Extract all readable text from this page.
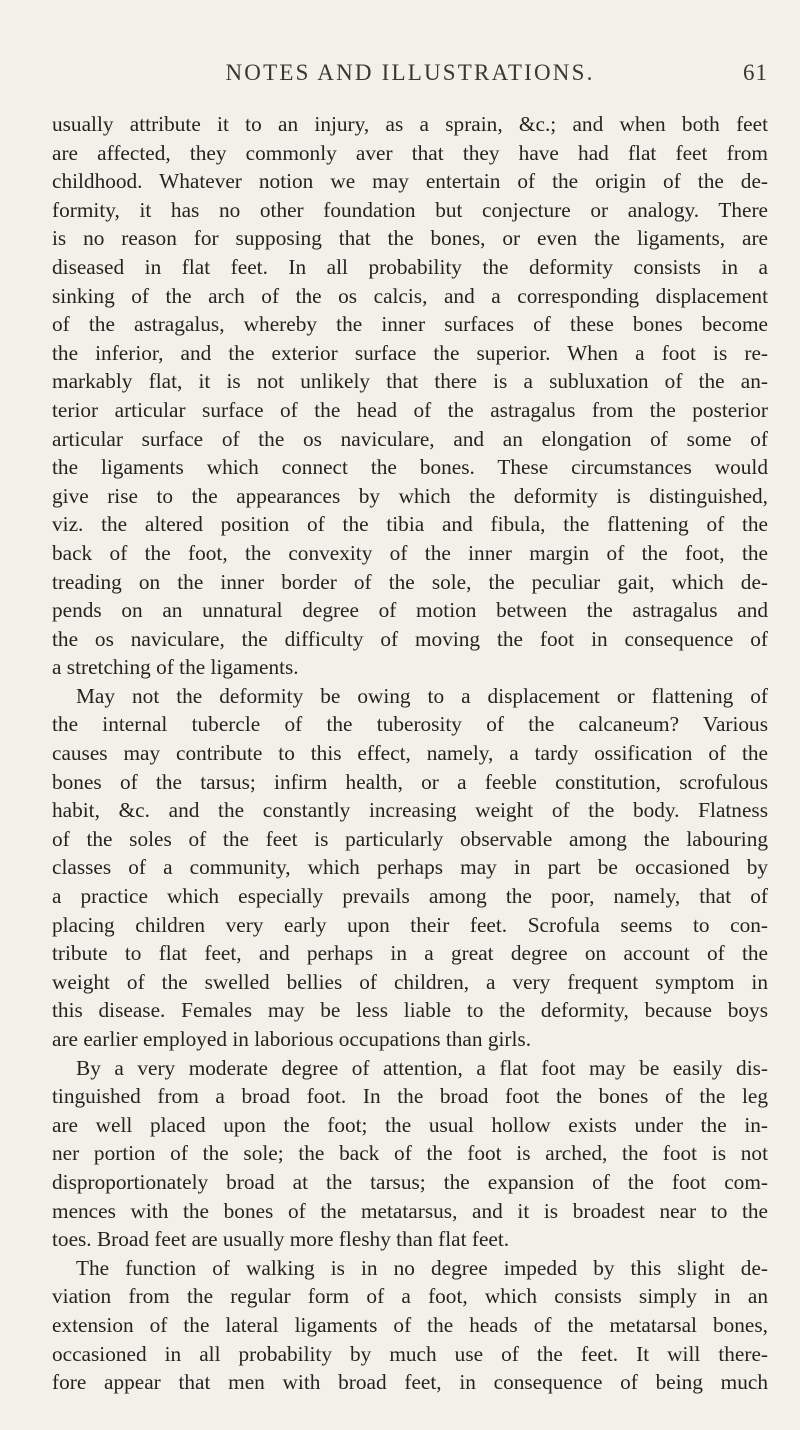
NOTES AND ILLUSTRATIONS.	61
usually attribute it to an injury, as a sprain, &c.; and when both feet
are affected, they commonly aver that they have had flat feet from
childhood. Whatever notion we may entertain of the origin of the de-
formity, it has no other foundation but conjecture or analogy. There
is no reason for supposing that the bones, or even the ligaments, are
diseased in flat feet. In all probability the deformity consists in a
sinking of the arch of the os calcis, and a corresponding displacement
of the astragalus, whereby the inner surfaces of these bones become
the inferior, and the exterior surface the superior. When a foot is re-
markably flat, it is not unlikely that there is a subluxation of the an-
terior articular surface of the head of the astragalus from the posterior
articular surface of the os naviculare, and an elongation of some of
the ligaments which connect the bones. These circumstances would
give rise to the appearances by which the deformity is distinguished,
viz. the altered position of the tibia and fibula, the flattening of the
back of the foot, the convexity of the inner margin of the foot, the
treading on the inner border of the sole, the peculiar gait, which de-
pends on an unnatural degree of motion between the astragalus and
the os naviculare, the difficulty of moving the foot in consequence of
a stretching of the ligaments.
May not the deformity be owing to a displacement or flattening of
the internal tubercle of the tuberosity of the calcaneum? Various
causes may contribute to this effect, namely, a tardy ossification of the
bones of the tarsus; infirm health, or a feeble constitution, scrofulous
habit, &c. and the constantly increasing weight of the body. Flatness
of the soles of the feet is particularly observable among the labouring
classes of a community, which perhaps may in part be occasioned by
a practice which especially prevails among the poor, namely, that of
placing children very early upon their feet. Scrofula seems to con-
tribute to flat feet, and perhaps in a great degree on account of the
weight of the swelled bellies of children, a very frequent symptom in
this disease. Females may be less liable to the deformity, because boys
are earlier employed in laborious occupations than girls.
By a very moderate degree of attention, a flat foot may be easily dis-
tinguished from a broad foot. In the broad foot the bones of the leg
are well placed upon the foot; the usual hollow exists under the in-
ner portion of the sole; the back of the foot is arched, the foot is not
disproportionately broad at the tarsus; the expansion of the foot com-
mences with the bones of the metatarsus, and it is broadest near to the
toes. Broad feet are usually more fleshy than flat feet.
The function of walking is in no degree impeded by this slight de-
viation from the regular form of a foot, which consists simply in an
extension of the lateral ligaments of the heads of the metatarsal bones,
occasioned in all probability by much use of the feet. It will there-
fore appear that men with broad feet, in consequence of being much
